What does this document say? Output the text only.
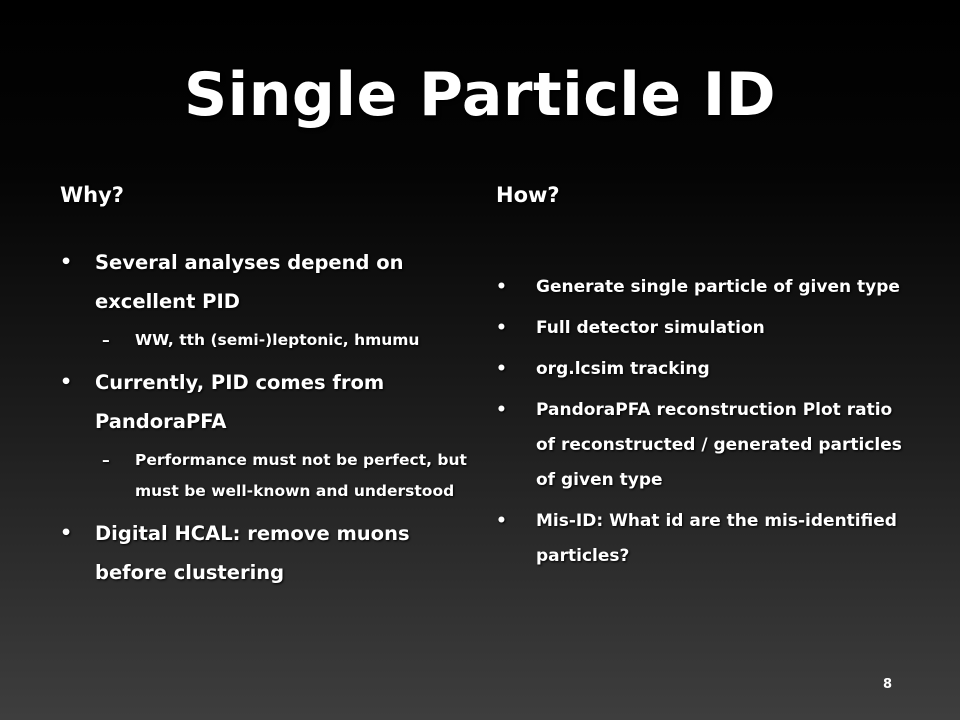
Single Particle ID
Why?	How?
• Several analyses depend on excellent PID
– WW, tth (semi-)leptonic, hmumu
• Currently, PID comes from PandoraPFA
– Performance must not be perfect, but must be well-known and understood
• Digital HCAL: remove muons before clustering
• Generate single particle of given type
• Full detector simulation
• org.lcsim tracking
• PandoraPFA reconstruction Plot ratio of reconstructed / generated particles of given type
• Mis-ID: What id are the mis-identified particles?
8
